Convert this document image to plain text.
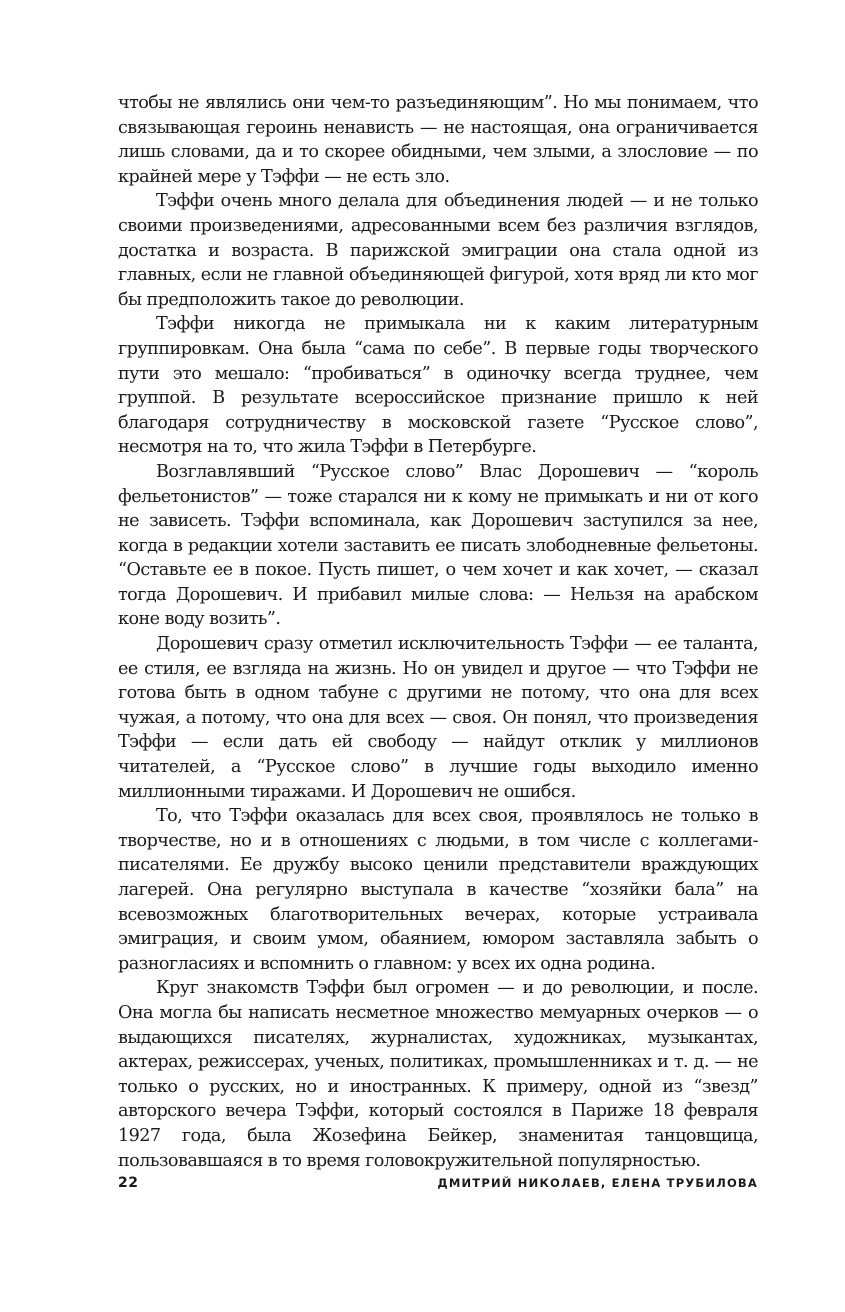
чтобы не являлись они чем-то разъединяющим”. Но мы понимаем, что связывающая героинь ненависть — не настоящая, она ограничивается лишь словами, да и то скорее обидными, чем злыми, а злословие — по крайней мере у Тэффи — не есть зло.

Тэффи очень много делала для объединения людей — и не только своими произведениями, адресованными всем без различия взглядов, достатка и возраста. В парижской эмиграции она стала одной из главных, если не главной объединяющей фигурой, хотя вряд ли кто мог бы предположить такое до революции.

Тэффи никогда не примыкала ни к каким литературным группировкам. Она была “сама по себе”. В первые годы творческого пути это мешало: “пробиваться” в одиночку всегда труднее, чем группой. В результате всероссийское признание пришло к ней благодаря сотрудничеству в московской газете “Русское слово”, несмотря на то, что жила Тэффи в Петербурге.

Возглавлявший “Русское слово” Влас Дорошевич — “король фельетонистов” — тоже старался ни к кому не примыкать и ни от кого не зависеть. Тэффи вспоминала, как Дорошевич заступился за нее, когда в редакции хотели заставить ее писать злободневные фельетоны. “Оставьте ее в покое. Пусть пишет, о чем хочет и как хочет, — сказал тогда Дорошевич. И прибавил милые слова: — Нельзя на арабском коне воду возить”.

Дорошевич сразу отметил исключительность Тэффи — ее таланта, ее стиля, ее взгляда на жизнь. Но он увидел и другое — что Тэффи не готова быть в одном табуне с другими не потому, что она для всех чужая, а потому, что она для всех — своя. Он понял, что произведения Тэффи — если дать ей свободу — найдут отклик у миллионов читателей, а “Русское слово” в лучшие годы выходило именно миллионными тиражами. И Дорошевич не ошибся.

То, что Тэффи оказалась для всех своя, проявлялось не только в творчестве, но и в отношениях с людьми, в том числе с коллегами-писателями. Ее дружбу высоко ценили представители враждующих лагерей. Она регулярно выступала в качестве “хозяйки бала” на всевозможных благотворительных вечерах, которые устраивала эмиграция, и своим умом, обаянием, юмором заставляла забыть о разногласиях и вспомнить о главном: у всех их одна родина.

Круг знакомств Тэффи был огромен — и до революции, и после. Она могла бы написать несметное множество мемуарных очерков — о выдающихся писателях, журналистах, художниках, музыкантах, актерах, режиссерах, ученых, политиках, промышленниках и т. д. — не только о русских, но и иностранных. К примеру, одной из “звезд” авторского вечера Тэффи, который состоялся в Париже 18 февраля 1927 года, была Жозефина Бейкер, знаменитая танцовщица, пользовавшаяся в то время головокружительной популярностью.

22	ДМИТРИЙ НИКОЛАЕВ, ЕЛЕНА ТРУБИЛОВА
